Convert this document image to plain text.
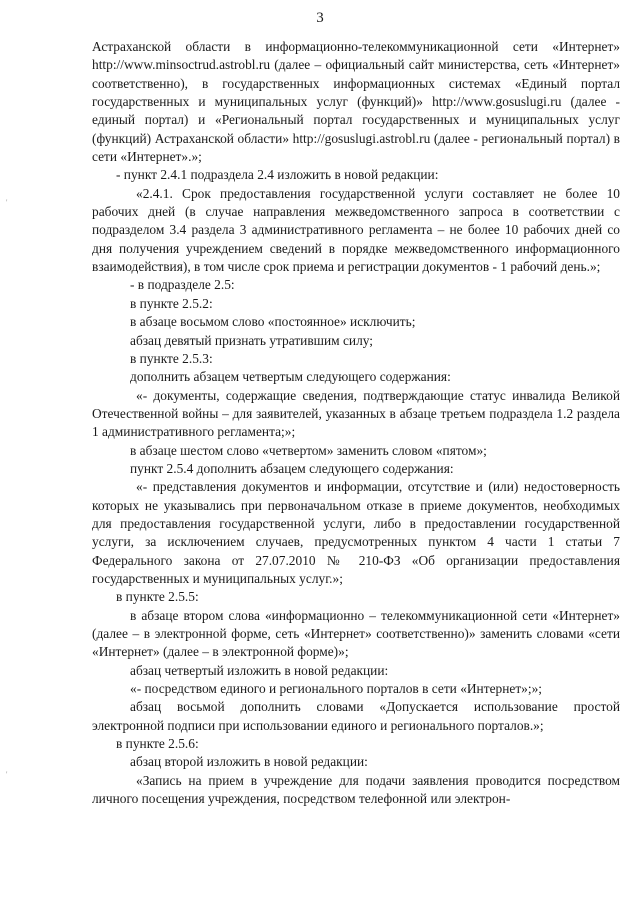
3
'
'

Астраханской области в информационно-телекоммуникационной сети «Интернет» http://www.minsoctrud.astrobl.ru (далее – официальный сайт министерства, сеть «Интернет» соответственно), в государственных информационных системах «Единый портал государственных и муниципальных услуг (функций)» http://www.gosuslugi.ru (далее - единый портал) и «Региональный портал государственных и муниципальных услуг (функций) Астраханской области» http://gosuslugi.astrobl.ru (далее - региональный портал) в сети «Интернет».»;

- пункт 2.4.1 подраздела 2.4 изложить в новой редакции:

«2.4.1. Срок предоставления государственной услуги составляет не более 10 рабочих дней (в случае направления межведомственного запроса в соответствии с подразделом 3.4 раздела 3 административного регламента – не более 10 рабочих дней со дня получения учреждением сведений в порядке межведомственного информационного взаимодействия), в том числе срок приема и регистрации документов - 1 рабочий день.»;

- в подразделе 2.5:

в пункте 2.5.2:

в абзаце восьмом слово «постоянное» исключить;

абзац девятый признать утратившим силу;

в пункте 2.5.3:

дополнить абзацем четвертым следующего содержания:

«- документы, содержащие сведения, подтверждающие статус инвалида Великой Отечественной войны – для заявителей, указанных в абзаце третьем подраздела 1.2 раздела 1 административного регламента;»;

в абзаце шестом слово «четвертом» заменить словом «пятом»;

пункт 2.5.4 дополнить абзацем следующего содержания:

«- представления документов и информации, отсутствие и (или) недостоверность которых не указывались при первоначальном отказе в приеме документов, необходимых для предоставления государственной услуги, либо в предоставлении государственной услуги, за исключением случаев, предусмотренных пунктом 4 части 1 статьи 7 Федерального закона от 27.07.2010 № 210-ФЗ «Об организации предоставления государственных и муниципальных услуг.»;

в пункте 2.5.5:

в абзаце втором слова «информационно – телекоммуникационной сети «Интернет» (далее – в электронной форме, сеть «Интернет» соответственно)» заменить словами «сети «Интернет» (далее – в электронной форме)»;

абзац четвертый изложить в новой редакции:

«- посредством единого и регионального порталов в сети «Интернет»;»;

абзац восьмой дополнить словами «Допускается использование простой электронной подписи при использовании единого и регионального порталов.»;

в пункте 2.5.6:

абзац второй изложить в новой редакции:

«Запись на прием в учреждение для подачи заявления проводится посредством личного посещения учреждения, посредством телефонной или электрон-
